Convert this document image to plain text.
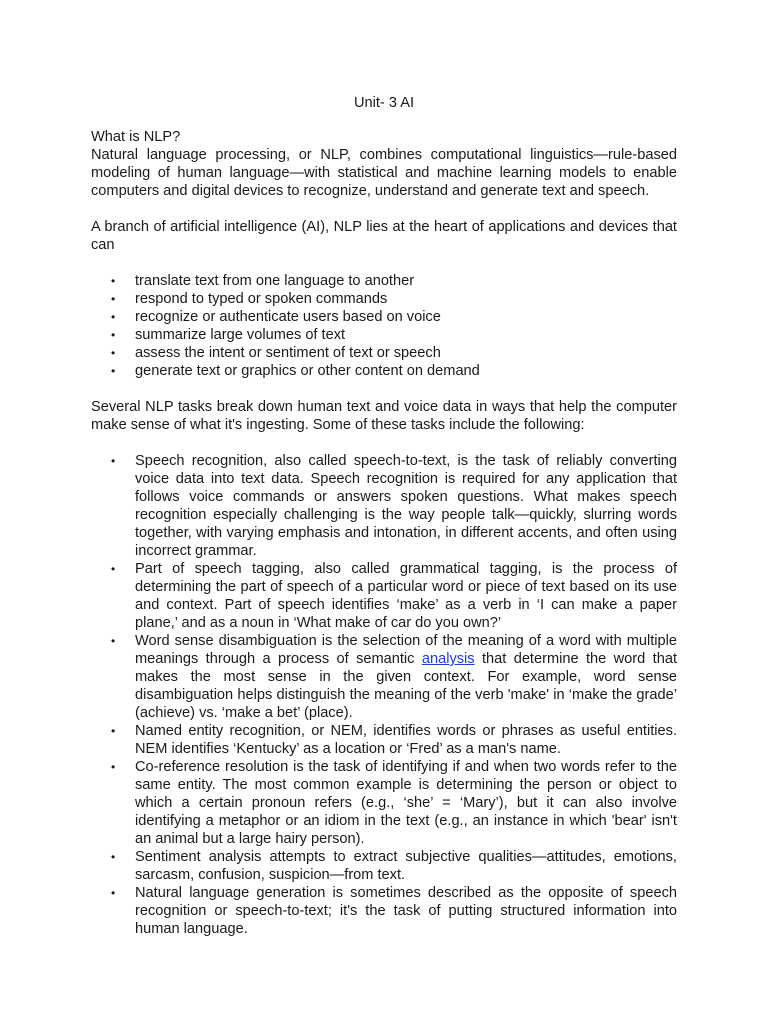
Unit- 3 AI
What is NLP?

Natural language processing, or NLP, combines computational linguistics—rule-based modeling of human language—with statistical and machine learning models to enable computers and digital devices to recognize, understand and generate text and speech.

A branch of artificial intelligence (AI), NLP lies at the heart of applications and devices that can

• translate text from one language to another
• respond to typed or spoken commands
• recognize or authenticate users based on voice
• summarize large volumes of text
• assess the intent or sentiment of text or speech
• generate text or graphics or other content on demand

Several NLP tasks break down human text and voice data in ways that help the computer make sense of what it's ingesting. Some of these tasks include the following:

• Speech recognition, also called speech-to-text, is the task of reliably converting voice data into text data. Speech recognition is required for any application that follows voice commands or answers spoken questions. What makes speech recognition especially challenging is the way people talk—quickly, slurring words together, with varying emphasis and intonation, in different accents, and often using incorrect grammar.
• Part of speech tagging, also called grammatical tagging, is the process of determining the part of speech of a particular word or piece of text based on its use and context. Part of speech identifies ‘make’ as a verb in ‘I can make a paper plane,’ and as a noun in ‘What make of car do you own?’
• Word sense disambiguation is the selection of the meaning of a word with multiple meanings through a process of semantic analysis that determine the word that makes the most sense in the given context. For example, word sense disambiguation helps distinguish the meaning of the verb 'make' in ‘make the grade’ (achieve) vs. ‘make a bet’ (place).
• Named entity recognition, or NEM, identifies words or phrases as useful entities. NEM identifies ‘Kentucky’ as a location or ‘Fred’ as a man's name.
• Co-reference resolution is the task of identifying if and when two words refer to the same entity. The most common example is determining the person or object to which a certain pronoun refers (e.g., ‘she’ = ‘Mary’), but it can also involve identifying a metaphor or an idiom in the text (e.g., an instance in which 'bear' isn't an animal but a large hairy person).
• Sentiment analysis attempts to extract subjective qualities—attitudes, emotions, sarcasm, confusion, suspicion—from text.
• Natural language generation is sometimes described as the opposite of speech recognition or speech-to-text; it's the task of putting structured information into human language.
